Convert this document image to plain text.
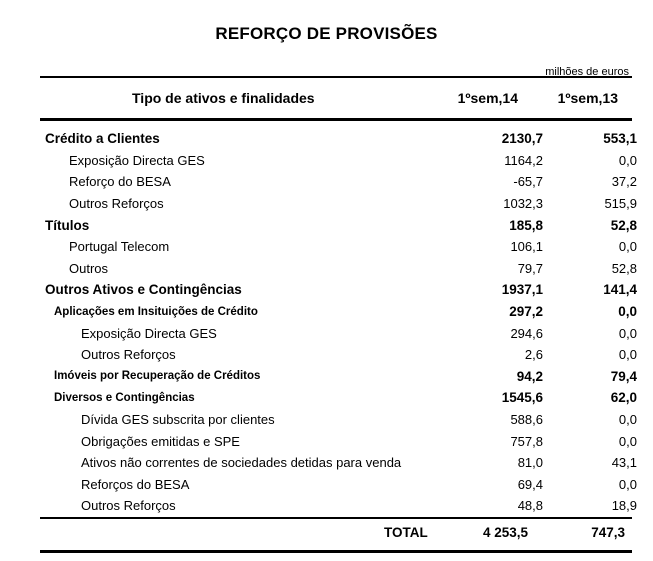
REFORÇO DE PROVISÕES
milhões de euros
Tipo de ativos e finalidades	1ºsem,14	1ºsem,13
Crédito a Clientes	2130,7	553,1
Exposição Directa GES	1164,2	0,0
Reforço do BESA	-65,7	37,2
Outros Reforços	1032,3	515,9
Títulos	185,8	52,8
Portugal Telecom	106,1	0,0
Outros	79,7	52,8
Outros Ativos e Contingências	1937,1	141,4
Aplicações em Insituições de Crédito	297,2	0,0
Exposição Directa GES	294,6	0,0
Outros Reforços	2,6	0,0
Imóveis por Recuperação de Créditos	94,2	79,4
Diversos e Contingências	1545,6	62,0
Dívida GES subscrita por clientes	588,6	0,0
Obrigações emitidas e SPE	757,8	0,0
Ativos não correntes de sociedades detidas para venda	81,0	43,1
Reforços do BESA	69,4	0,0
Outros Reforços	48,8	18,9
TOTAL	4 253,5	747,3
